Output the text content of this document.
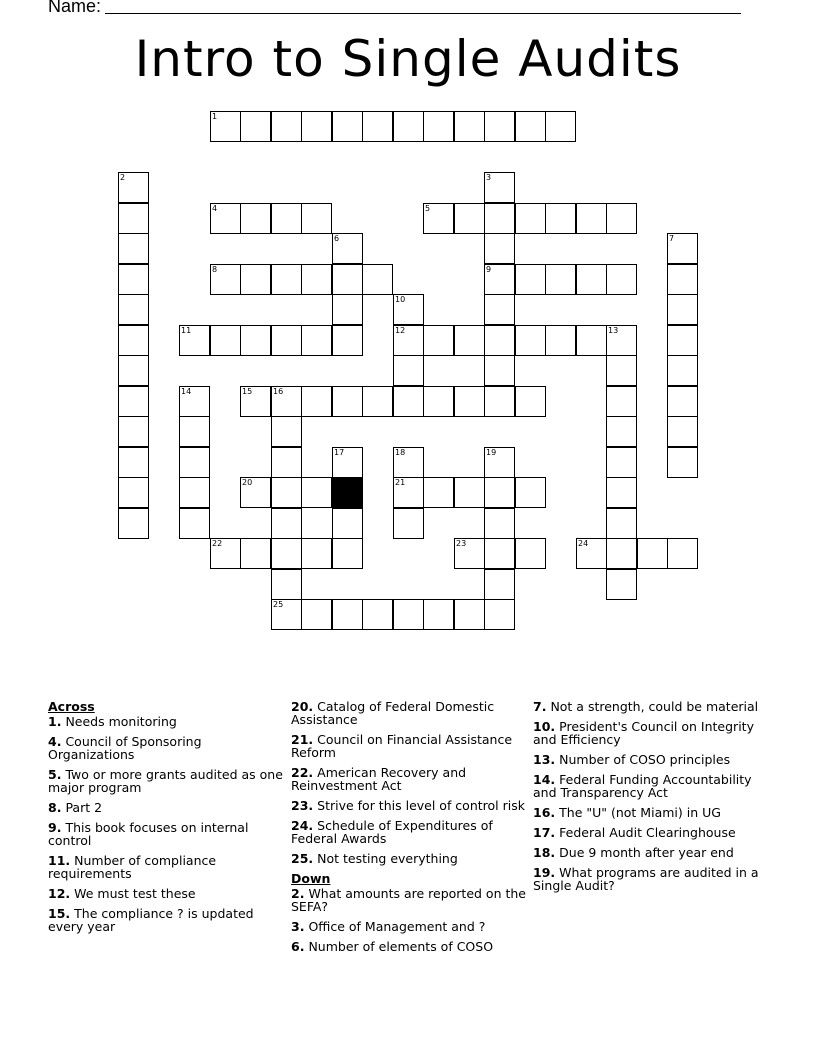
Name:
Intro to Single Audits
1
2	3
9
4	5
6	7
8
10
12
11	13
14	15	16
17	18
21
19
20
22	23	24
25
Across
1. Needs monitoring
4. Council of Sponsoring Organizations
5. Two or more grants audited as one major program
8. Part 2
9. This book focuses on internal control
11. Number of compliance requirements
12. We must test these
15. The compliance ? is updated every year
20. Catalog of Federal Domestic Assistance
21. Council on Financial Assistance Reform
22. American Recovery and Reinvestment Act
23. Strive for this level of control risk
24. Schedule of Expenditures of Federal Awards
25. Not testing everything
Down
2. What amounts are reported on the SEFA?
3. Office of Management and ?
6. Number of elements of COSO
7. Not a strength, could be material
10. President's Council on Integrity and Efficiency
13. Number of COSO principles
14. Federal Funding Accountability and Transparency Act
16. The "U" (not Miami) in UG
17. Federal Audit Clearinghouse
18. Due 9 month after year end
19. What programs are audited in a Single Audit?
